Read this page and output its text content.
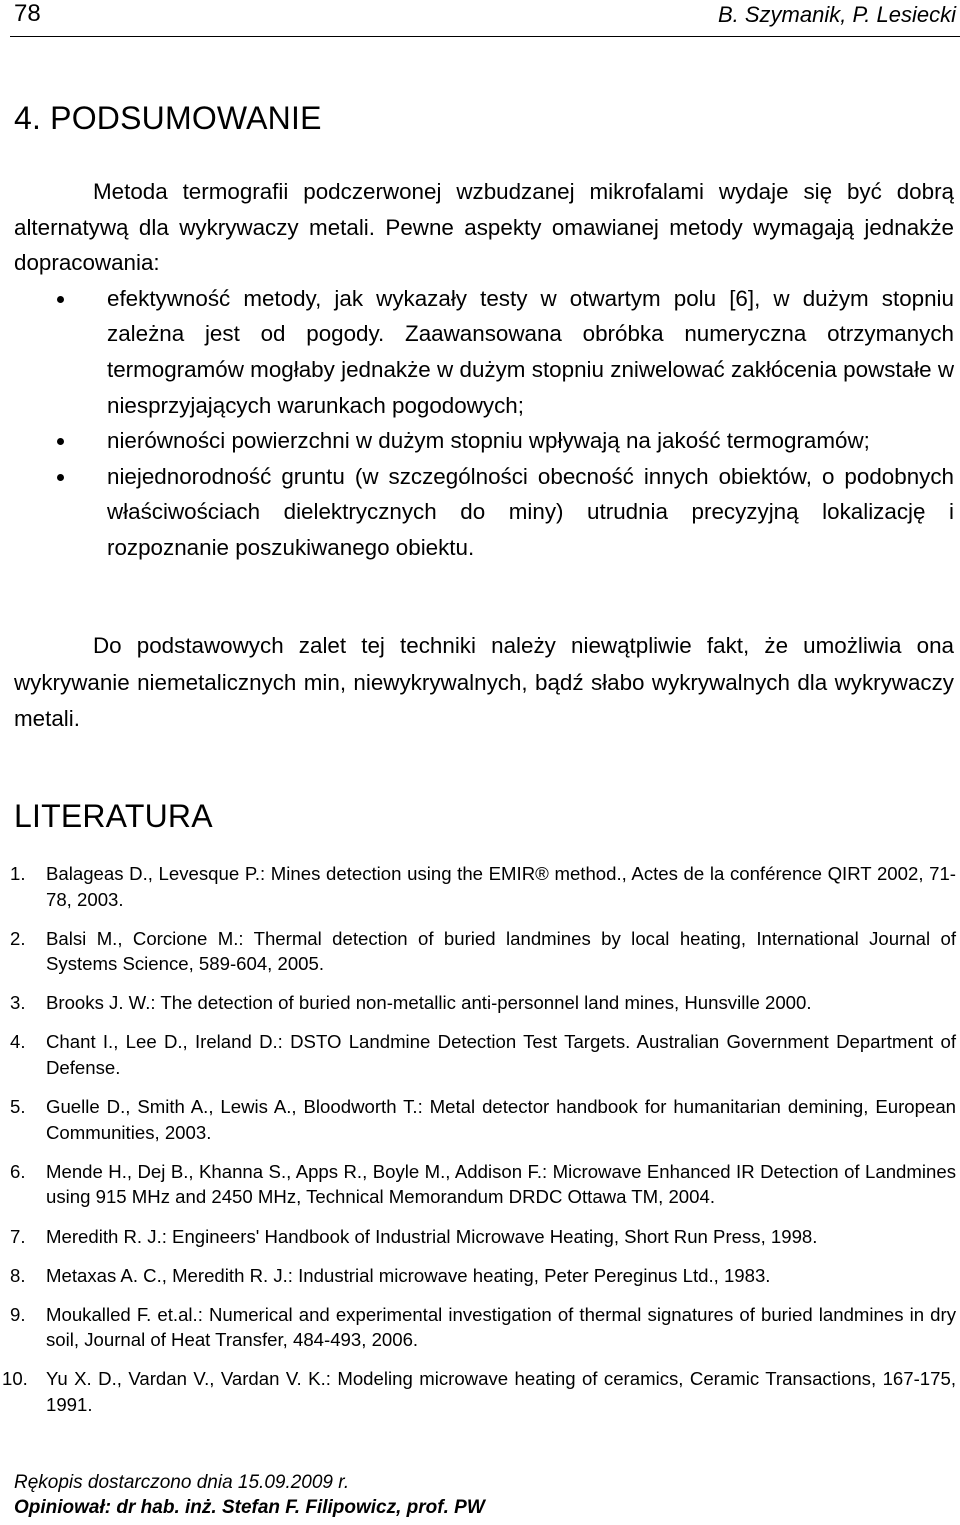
78	B. Szymanik, P. Lesiecki
4. PODSUMOWANIE

Metoda termografii podczerwonej wzbudzanej mikrofalami wydaje się być dobrą alternatywą dla wykrywaczy metali. Pewne aspekty omawianej metody wymagają jednakże dopracowania:

efektywność metody, jak wykazały testy w otwartym polu [6], w dużym stopniu zależna jest od pogody. Zaawansowana obróbka numeryczna otrzymanych termogramów mogłaby jednakże w dużym stopniu zniwelować zakłócenia powstałe w niesprzyjających warunkach pogodowych;
nierówności powierzchni w dużym stopniu wpływają na jakość termogramów;
niejednorodność gruntu (w szczególności obecność innych obiektów, o podobnych właściwościach dielektrycznych do miny) utrudnia precyzyjną lokalizację i rozpoznanie poszukiwanego obiektu.

Do podstawowych zalet tej techniki należy niewątpliwie fakt, że umożliwia ona wykrywanie niemetalicznych min, niewykrywalnych, bądź słabo wykrywalnych dla wykrywaczy metali.

LITERATURA
1. Balageas D., Levesque P.: Mines detection using the EMIR® method., Actes de la conférence QIRT 2002, 71-78, 2003.
2. Balsi M., Corcione M.: Thermal detection of buried landmines by local heating, International Journal of Systems Science, 589-604, 2005.
3. Brooks J. W.: The detection of buried non-metallic anti-personnel land mines, Hunsville 2000.
4. Chant I., Lee D., Ireland D.: DSTO Landmine Detection Test Targets. Australian Government Department of Defense.
5. Guelle D., Smith A., Lewis A., Bloodworth T.: Metal detector handbook for humanitarian demining, European Communities, 2003.
6. Mende H., Dej B., Khanna S., Apps R., Boyle M., Addison F.: Microwave Enhanced IR Detection of Landmines using 915 MHz and 2450 MHz, Technical Memorandum DRDC Ottawa TM, 2004.
7. Meredith R. J.: Engineers' Handbook of Industrial Microwave Heating, Short Run Press, 1998.
8. Metaxas A. C., Meredith R. J.: Industrial microwave heating, Peter Pereginus Ltd., 1983.
9. Moukalled F. et.al.: Numerical and experimental investigation of thermal signatures of buried landmines in dry soil, Journal of Heat Transfer, 484-493, 2006.
10. Yu X. D., Vardan V., Vardan V. K.: Modeling microwave heating of ceramics, Ceramic Transactions, 167-175, 1991.
Rękopis dostarczono dnia 15.09.2009 r.
Opiniował: dr hab. inż. Stefan F. Filipowicz, prof. PW
